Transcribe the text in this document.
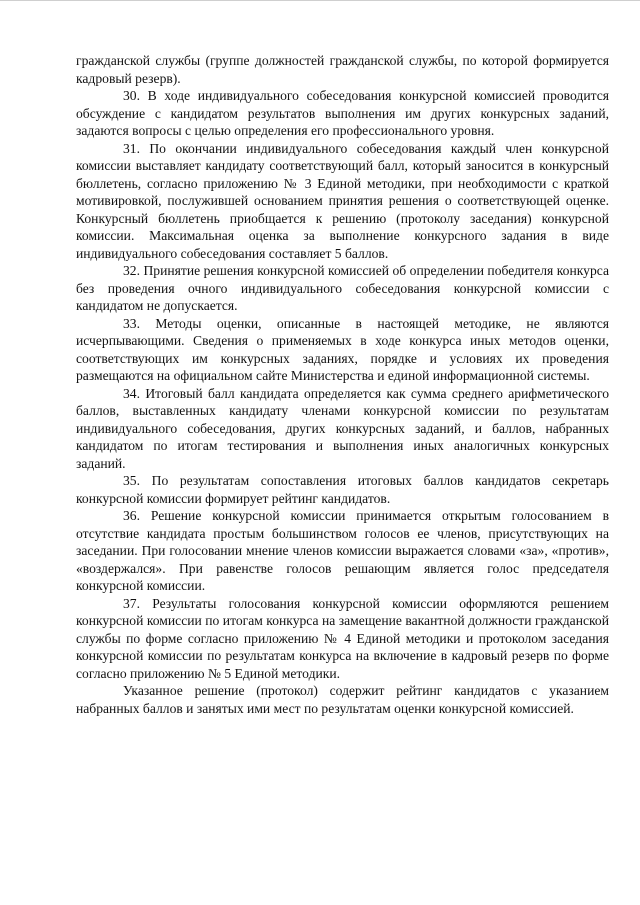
гражданской службы (группе должностей гражданской службы, по которой формируется кадровый резерв).

30. В ходе индивидуального собеседования конкурсной комиссией проводится обсуждение с кандидатом результатов выполнения им других конкурсных заданий, задаются вопросы с целью определения его профессионального уровня.

31. По окончании индивидуального собеседования каждый член конкурсной комиссии выставляет кандидату соответствующий балл, который заносится в конкурсный бюллетень, согласно приложению № 3 Единой методики, при необходимости с краткой мотивировкой, послужившей основанием принятия решения о соответствующей оценке. Конкурсный бюллетень приобщается к решению (протоколу заседания) конкурсной комиссии. Максимальная оценка за выполнение конкурсного задания в виде индивидуального собеседования составляет 5 баллов.

32. Принятие решения конкурсной комиссией об определении победителя конкурса без проведения очного индивидуального собеседования конкурсной комиссии с кандидатом не допускается.

33. Методы оценки, описанные в настоящей методике, не являются исчерпывающими. Сведения о применяемых в ходе конкурса иных методов оценки, соответствующих им конкурсных заданиях, порядке и условиях их проведения размещаются на официальном сайте Министерства и единой информационной системы.

34. Итоговый балл кандидата определяется как сумма среднего арифметического баллов, выставленных кандидату членами конкурсной комиссии по результатам индивидуального собеседования, других конкурсных заданий, и баллов, набранных кандидатом по итогам тестирования и выполнения иных аналогичных конкурсных заданий.

35. По результатам сопоставления итоговых баллов кандидатов секретарь конкурсной комиссии формирует рейтинг кандидатов.

36. Решение конкурсной комиссии принимается открытым голосованием в отсутствие кандидата простым большинством голосов ее членов, присутствующих на заседании. При голосовании мнение членов комиссии выражается словами «за», «против», «воздержался». При равенстве голосов решающим является голос председателя конкурсной комиссии.

37. Результаты голосования конкурсной комиссии оформляются решением конкурсной комиссии по итогам конкурса на замещение вакантной должности гражданской службы по форме согласно приложению № 4 Единой методики и протоколом заседания конкурсной комиссии по результатам конкурса на включение в кадровый резерв по форме согласно приложению № 5 Единой методики.

Указанное решение (протокол) содержит рейтинг кандидатов с указанием набранных баллов и занятых ими мест по результатам оценки конкурсной комиссией.
